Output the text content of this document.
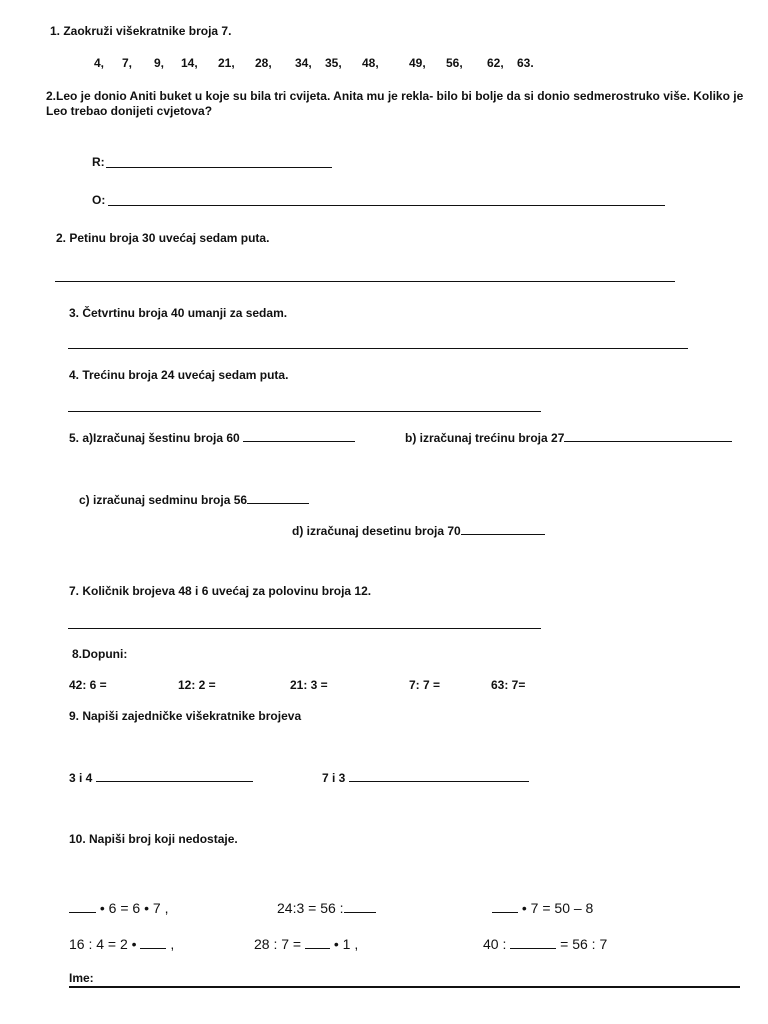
1. Zaokruži višekratnike broja 7.
4, 7, 9, 14, 21, 28, 34, 35, 48,	49, 56, 62, 63.
2.Leo je donio Aniti buket u koje su bila tri cvijeta. Anita mu je rekla- bilo bi bolje da si donio sedmerostruko više. Koliko je Leo trebao donijeti cvjetova?
R:
O:
2. Petinu broja 30 uvećaj sedam puta.
3. Četvrtinu broja 40 umanji za sedam.
4. Trećinu broja 24 uvećaj sedam puta.
5. a)Izračunaj šestinu broja 60	b) izračunaj trećinu broja 27
c) izračunaj sedminu broja 56
d) izračunaj desetinu broja 70
7. Količnik brojeva 48 i 6 uvećaj za polovinu broja 12.
8.Dopuni:
42: 6 =	12: 2 =	21: 3 =	7: 7 =	63: 7=
9. Napiši zajedničke višekratnike brojeva
3 i 4	7 i 3
10. Napiši broj koji nedostaje.
• 6 = 6 • 7 ,	24:3 = 56 :	• 7 = 50 – 8
16 : 4 = 2 • ,	28 : 7 = • 1 ,	40 :	= 56 : 7
Ime:
